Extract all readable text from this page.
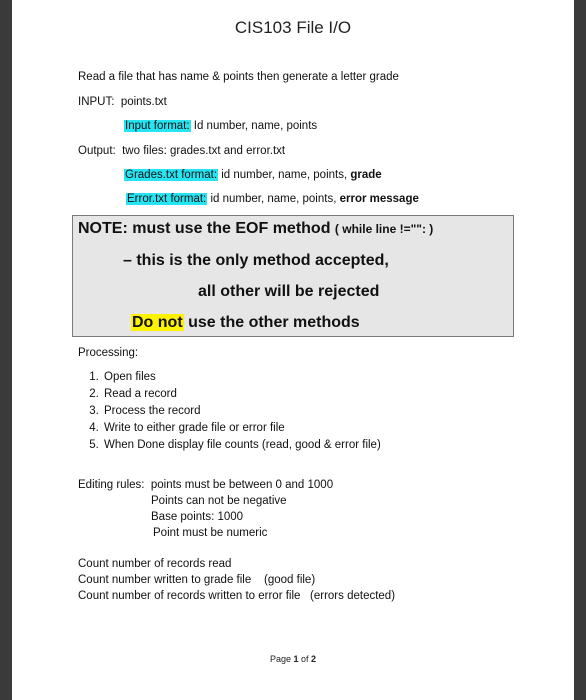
CIS103 File I/O
Read a file that has name & points then generate a letter grade
INPUT: points.txt
Input format: Id number, name, points
Output: two files: grades.txt and error.txt
Grades.txt format: id number, name, points, grade
Error.txt format: id number, name, points, error message
NOTE: must use the EOF method ( while line !="": )
– this is the only method accepted,
all other will be rejected
Do not use the other methods
Processing:
1. Open files
2. Read a record
3. Process the record
4. Write to either grade file or error file
5. When Done display file counts (read, good & error file)
Editing rules: points must be between 0 and 1000
Points can not be negative
Base points: 1000
Point must be numeric
Count number of records read
Count number written to grade file (good file)
Count number of records written to error file (errors detected)
Page 1 of 2
